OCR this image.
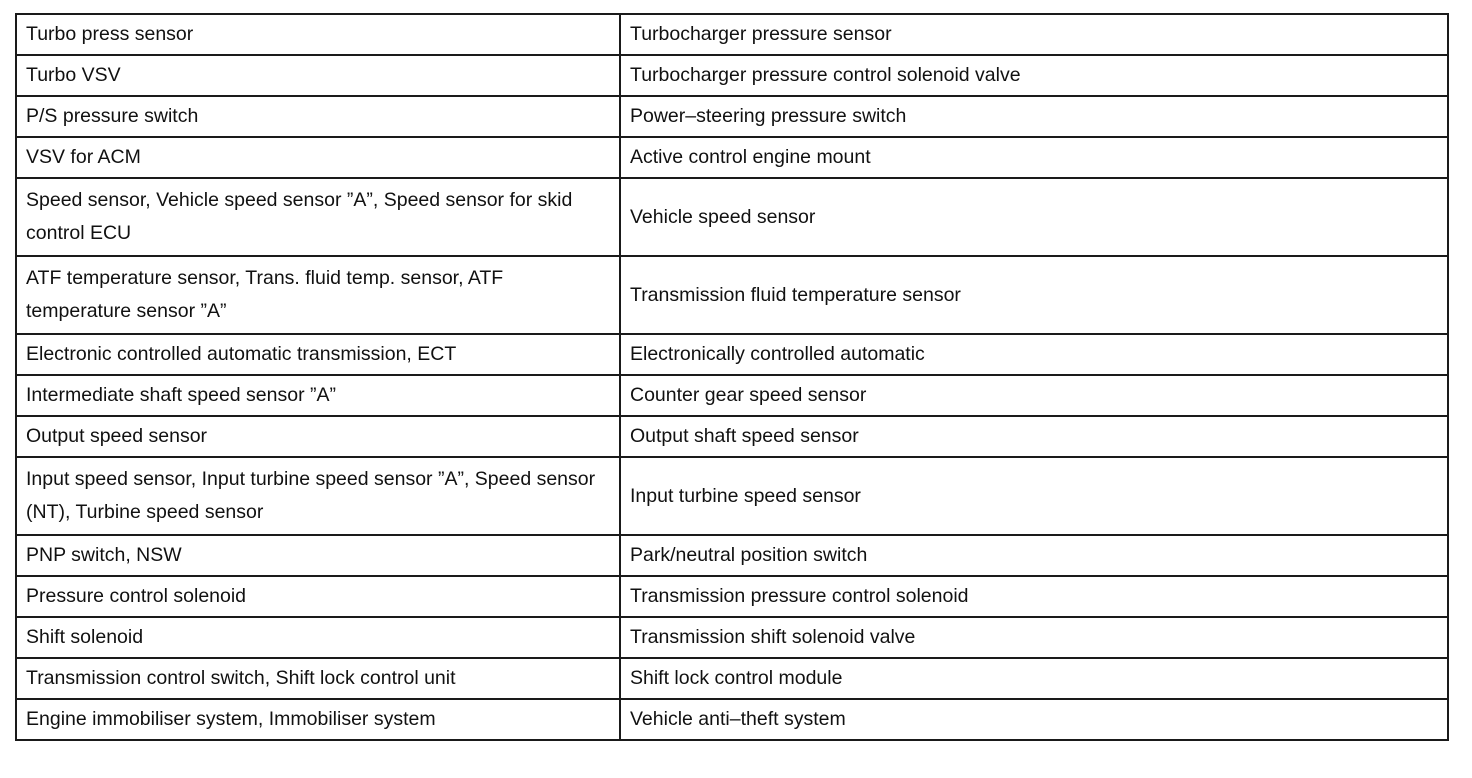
Turbo press sensor	Turbocharger pressure sensor
Turbo VSV	Turbocharger pressure control solenoid valve
P/S pressure switch	Power–steering pressure switch
VSV for ACM	Active control engine mount
Speed sensor, Vehicle speed sensor ”A”, Speed sensor for skid control ECU	Vehicle speed sensor
ATF temperature sensor, Trans. fluid temp. sensor, ATF temperature sensor ”A”	Transmission fluid temperature sensor
Electronic controlled automatic transmission, ECT	Electronically controlled automatic
Intermediate shaft speed sensor ”A”	Counter gear speed sensor
Output speed sensor	Output shaft speed sensor
Input speed sensor, Input turbine speed sensor ”A”, Speed sensor (NT), Turbine speed sensor	Input turbine speed sensor
PNP switch, NSW	Park/neutral position switch
Pressure control solenoid	Transmission pressure control solenoid
Shift solenoid	Transmission shift solenoid valve
Transmission control switch, Shift lock control unit	Shift lock control module
Engine immobiliser system, Immobiliser system	Vehicle anti–theft system
